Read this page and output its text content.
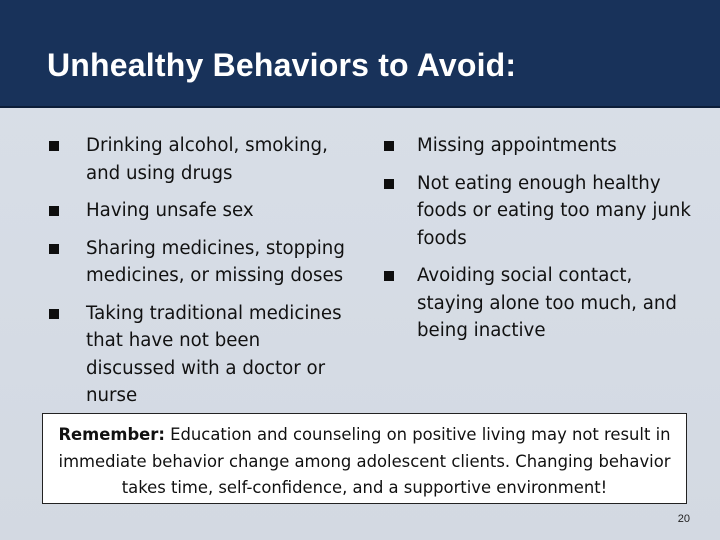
Unhealthy Behaviors to Avoid:
Drinking alcohol, smoking, and using drugs
Having unsafe sex
Sharing medicines, stopping medicines, or missing doses
Taking traditional medicines that have not been discussed with a doctor or nurse
Missing appointments
Not eating enough healthy foods or eating too many junk foods
Avoiding social contact, staying alone too much, and being inactive
Remember: Education and counseling on positive living may not result in immediate behavior change among adolescent clients. Changing behavior takes time, self-confidence, and a supportive environment!
20
